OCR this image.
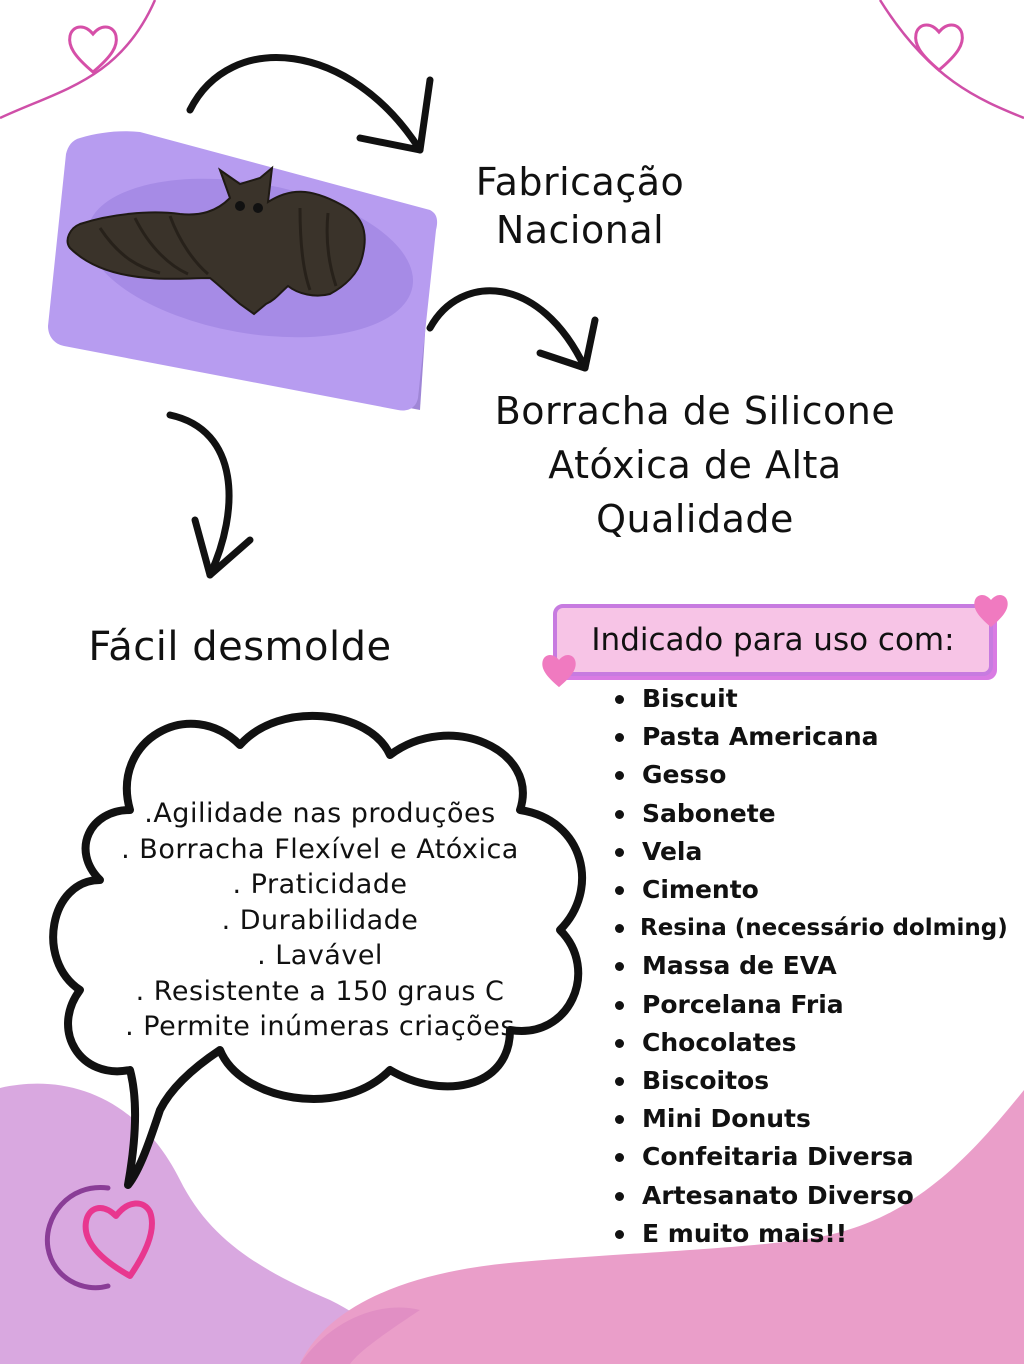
Fabricação
Nacional
Borracha de Silicone
Atóxica de Alta
Qualidade
Fácil desmolde
.Agilidade nas produções
. Borracha Flexível e Atóxica
. Praticidade
. Durabilidade
. Lavável
. Resistente a 150 graus C
. Permite inúmeras criações
Indicado para uso com:
Biscuit
Pasta Americana
Gesso
Sabonete
Vela
Cimento
Resina (necessário dolming)
Massa de EVA
Porcelana Fria
Chocolates
Biscoitos
Mini Donuts
Confeitaria Diversa
Artesanato Diverso
E muito mais!!
